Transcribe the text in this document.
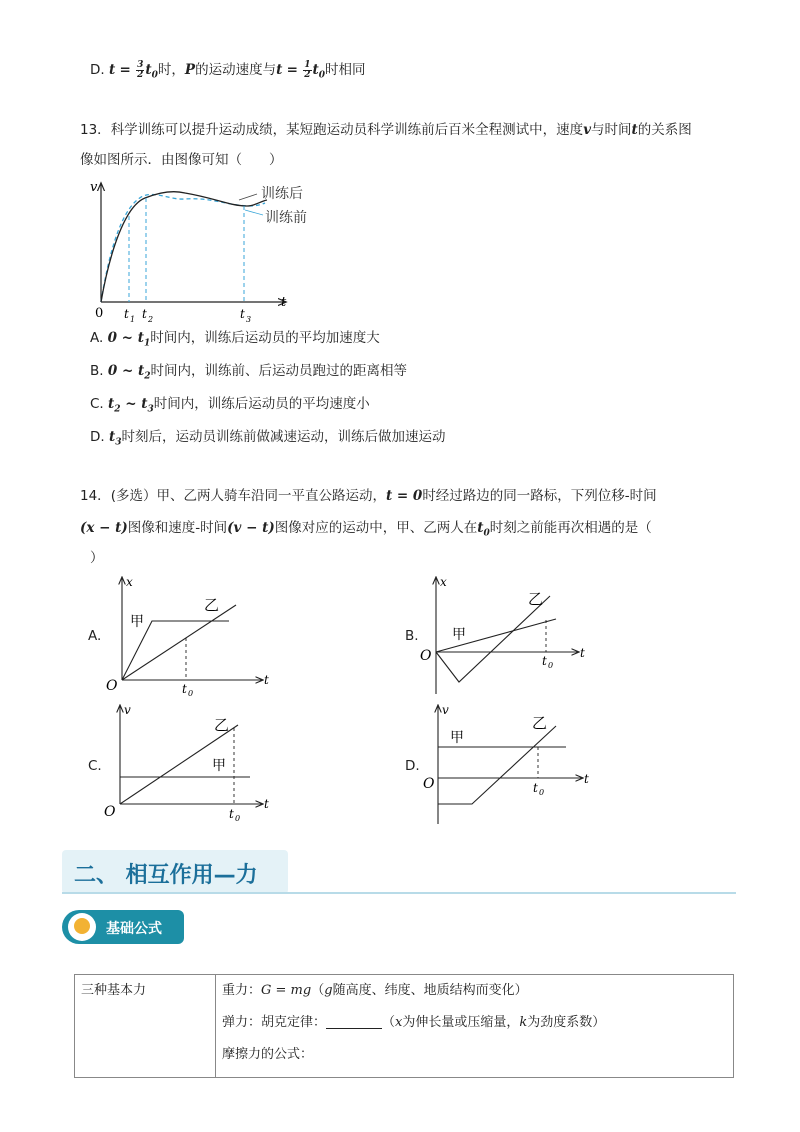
D. $t = \frac{3}{2} t_0$时，P的运动速度与$t = \frac{1}{2} t_0$时相同
13．科学训练可以提升运动成绩，某短跑运动员科学训练前后百米全程测试中，速度v与时间t的关系图
像如图所示．由图像可知（　　）
v
t
0
训练后
训练前
t 1 t 2	t 3
A. 0 ~ $t_1$时间内，训练后运动员的平均加速度大
B. 0 ~ $t_2$时间内，训练前、后运动员跑过的距离相等
C. $t_2$ ~ $t_3$时间内，训练后运动员的平均速度小
D. $t_3$时刻后，运动员训练前做减速运动，训练后做加速运动
14．(多选）甲、乙两人骑车沿同一平直公路运动，t = 0时经过路边的同一路标，下列位移-时间
(x − t)图像和速度-时间(v − t)图像对应的运动中，甲、乙两人在$t_0$时刻之前能再次相遇的是（
）
A.
x
t
O
甲
乙
t 0
B.
x
t
O
甲
乙
t 0
C.
v
t
O
甲
乙
t 0
D.
v
t
O
甲
乙
t 0
二、 相互作用—力
基础公式
三种基本力	重力：G = mg（g随高度、纬度、地质结构而变化）
弹力：胡克定律：	（x为伸长量或压缩量，k为劲度系数）
摩擦力的公式：
